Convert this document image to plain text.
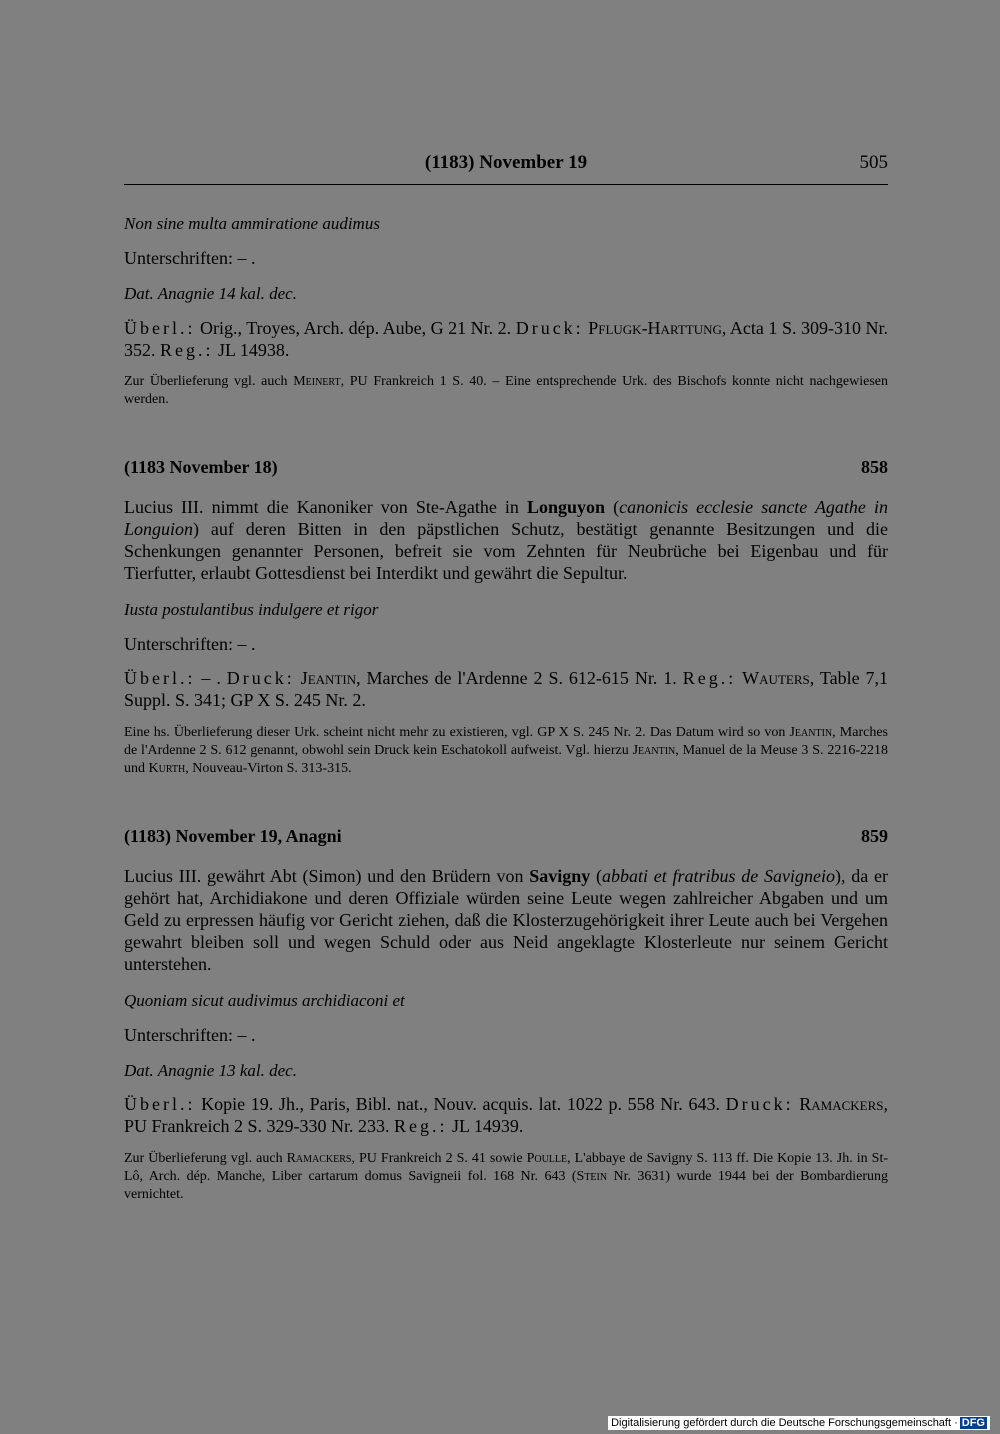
(1183) November 19	505
Non sine multa ammiratione audimus
Unterschriften: – .
Dat. Anagnie 14 kal. dec.
Überl.: Orig., Troyes, Arch. dép. Aube, G 21 Nr. 2. Druck: Pflugk-Harttung, Acta 1 S. 309-310 Nr. 352. Reg.: JL 14938.
Zur Überlieferung vgl. auch Meinert, PU Frankreich 1 S. 40. – Eine entsprechende Urk. des Bischofs konnte nicht nachgewiesen werden.
(1183 November 18)	858
Lucius III. nimmt die Kanoniker von Ste-Agathe in Longuyon (canonicis ecclesie sancte Agathe in Longuion) auf deren Bitten in den päpstlichen Schutz, bestätigt genannte Besitzungen und die Schenkungen genannter Personen, befreit sie vom Zehnten für Neubrüche bei Eigenbau und für Tierfutter, erlaubt Gottesdienst bei Interdikt und gewährt die Sepultur.
Iusta postulantibus indulgere et rigor
Unterschriften: – .
Überl.: – . Druck: Jeantin, Marches de l'Ardenne 2 S. 612-615 Nr. 1. Reg.: Wauters, Table 7,1 Suppl. S. 341; GP X S. 245 Nr. 2.
Eine hs. Überlieferung dieser Urk. scheint nicht mehr zu existieren, vgl. GP X S. 245 Nr. 2. Das Datum wird so von Jeantin, Marches de l'Ardenne 2 S. 612 genannt, obwohl sein Druck kein Eschatokoll aufweist. Vgl. hierzu Jeantin, Manuel de la Meuse 3 S. 2216-2218 und Kurth, Nouveau-Virton S. 313-315.
(1183) November 19, Anagni	859
Lucius III. gewährt Abt (Simon) und den Brüdern von Savigny (abbati et fratribus de Savigneio), da er gehört hat, Archidiakone und deren Offiziale würden seine Leute wegen zahlreicher Abgaben und um Geld zu erpressen häufig vor Gericht ziehen, daß die Klosterzugehörigkeit ihrer Leute auch bei Vergehen gewahrt bleiben soll und wegen Schuld oder aus Neid angeklagte Klosterleute nur seinem Gericht unterstehen.
Quoniam sicut audivimus archidiaconi et
Unterschriften: – .
Dat. Anagnie 13 kal. dec.
Überl.: Kopie 19. Jh., Paris, Bibl. nat., Nouv. acquis. lat. 1022 p. 558 Nr. 643. Druck: Ramackers, PU Frankreich 2 S. 329-330 Nr. 233. Reg.: JL 14939.
Zur Überlieferung vgl. auch Ramackers, PU Frankreich 2 S. 41 sowie Poulle, L'abbaye de Savigny S. 113 ff. Die Kopie 13. Jh. in St-Lô, Arch. dép. Manche, Liber cartarum domus Savigneii fol. 168 Nr. 643 (Stein Nr. 3631) wurde 1944 bei der Bombardierung vernichtet.
Digitalisierung gefördert durch die Deutsche Forschungsgemeinschaft · DFG
